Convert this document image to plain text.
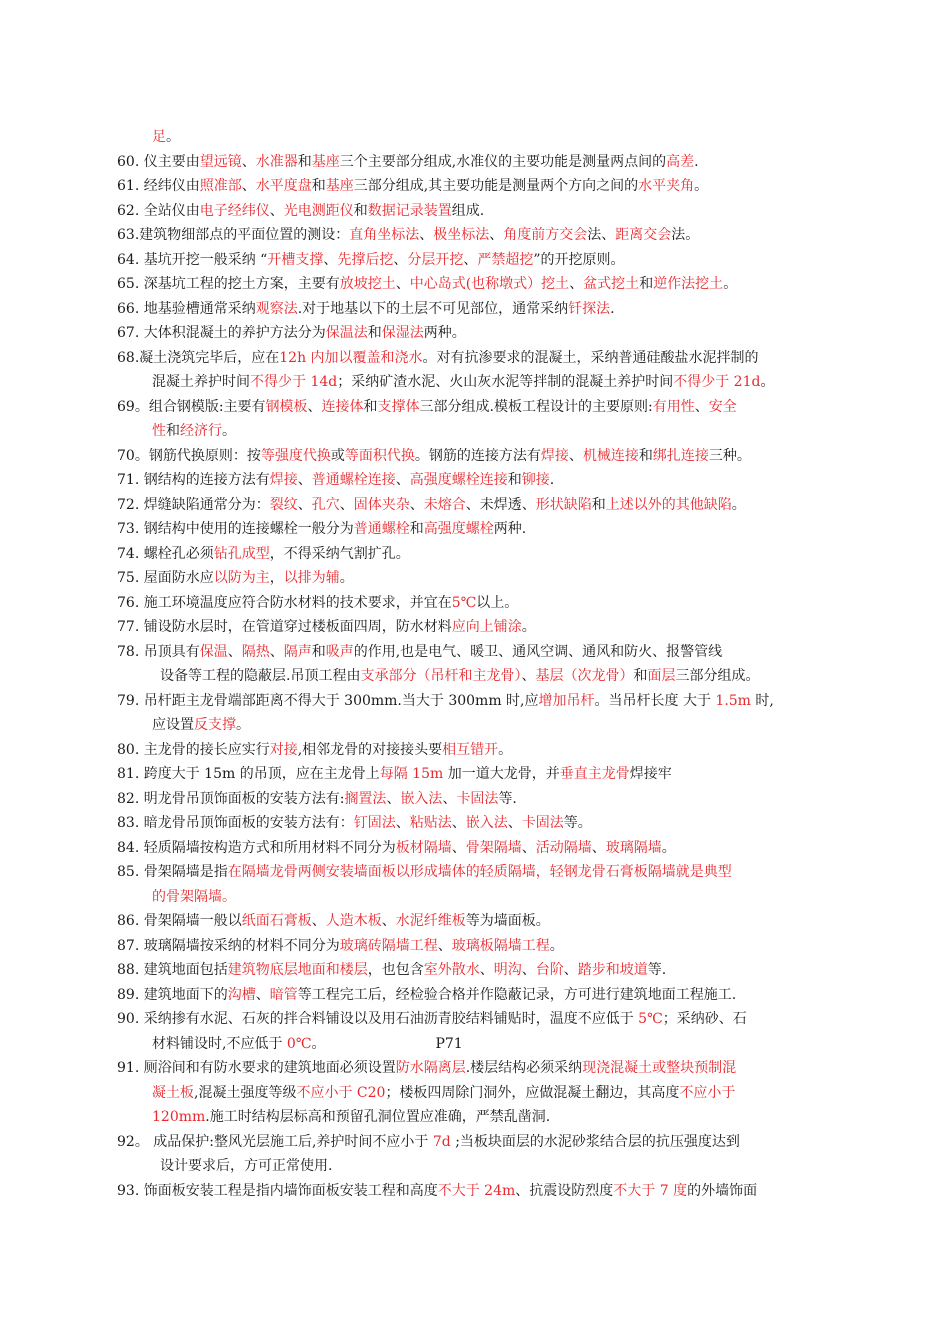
足。
60. 仪主要由望远镜、水准器和基座三个主要部分组成,水准仪的主要功能是测量两点间的高差.
61. 经纬仪由照准部、水平度盘和基座三部分组成,其主要功能是测量两个方向之间的水平夹角。
62. 全站仪由电子经纬仪、光电测距仪和数据记录装置组成.
63.建筑物细部点的平面位置的测设：直角坐标法、极坐标法、角度前方交会法、距离交会法。
64. 基坑开挖一般采纳 “开槽支撑、先撑后挖、分层开挖、严禁超挖”的开挖原则。
65. 深基坑工程的挖土方案，主要有放坡挖土、中心岛式(也称墩式）挖土、盆式挖土和逆作法挖土。
66. 地基验槽通常采纳观察法.对于地基以下的土层不可见部位，通常采纳钎探法.
67. 大体积混凝土的养护方法分为保温法和保湿法两种。
68.凝土浇筑完毕后，应在12h 内加以覆盖和浇水。对有抗渗要求的混凝土，采纳普通硅酸盐水泥拌制的
混凝土养护时间不得少于 14d；采纳矿渣水泥、火山灰水泥等拌制的混凝土养护时间不得少于 21d。
69。组合钢模版:主要有钢模板、连接体和支撑体三部分组成.模板工程设计的主要原则:有用性、安全
性和经济行。
70。钢筋代换原则：按等强度代换或等面积代换。钢筋的连接方法有焊接、机械连接和绑扎连接三种。
71. 钢结构的连接方法有焊接、普通螺栓连接、高强度螺栓连接和铆接.
72. 焊缝缺陷通常分为：裂纹、孔穴、固体夹杂、未熔合、未焊透、形状缺陷和上述以外的其他缺陷。
73. 钢结构中使用的连接螺栓一般分为普通螺栓和高强度螺栓两种.
74. 螺栓孔必须钻孔成型，不得采纳气割扩孔。
75. 屋面防水应以防为主，以排为辅。
76. 施工环境温度应符合防水材料的技术要求，并宜在5℃以上。
77. 铺设防水层时，在管道穿过楼板面四周，防水材料应向上铺涂。
78. 吊顶具有保温、隔热、隔声和吸声的作用,也是电气、暖卫、通风空调、通风和防火、报警管线
设备等工程的隐蔽层.吊顶工程由支承部分（吊杆和主龙骨）、基层（次龙骨）和面层三部分组成。
79. 吊杆距主龙骨端部距离不得大于 300mm.当大于 300mm 时,应增加吊杆。当吊杆长度 大于 1.5m 时,
应设置反支撑。
80. 主龙骨的接长应实行对接,相邻龙骨的对接接头要相互错开。
81. 跨度大于 15m 的吊顶，应在主龙骨上每隔 15m 加一道大龙骨，并垂直主龙骨焊接牢
82. 明龙骨吊顶饰面板的安装方法有:搁置法、嵌入法、卡固法等.
83. 暗龙骨吊顶饰面板的安装方法有：钉固法、粘贴法、嵌入法、卡固法等。
84. 轻质隔墙按构造方式和所用材料不同分为板材隔墙、骨架隔墙、活动隔墙、玻璃隔墙。
85. 骨架隔墙是指在隔墙龙骨两侧安装墙面板以形成墙体的轻质隔墙，轻钢龙骨石膏板隔墙就是典型
的骨架隔墙。
86. 骨架隔墙一般以纸面石膏板、人造木板、水泥纤维板等为墙面板。
87. 玻璃隔墙按采纳的材料不同分为玻璃砖隔墙工程、玻璃板隔墙工程。
88. 建筑地面包括建筑物底层地面和楼层，也包含室外散水、明沟、台阶、踏步和坡道等.
89. 建筑地面下的沟槽、暗管等工程完工后，经检验合格并作隐蔽记录，方可进行建筑地面工程施工.
90. 采纳掺有水泥、石灰的拌合料铺设以及用石油沥青胶结料铺贴时，温度不应低于 5℃；采纳砂、石
材料铺设时,不应低于 0℃。	P71
91. 厕浴间和有防水要求的建筑地面必须设置防水隔离层.楼层结构必须采纳现浇混凝土或整块预制混
凝土板,混凝土强度等级不应小于 C20；楼板四周除门洞外，应做混凝土翻边，其高度不应小于
120mm.施工时结构层标高和预留孔洞位置应准确，严禁乱凿洞.
92。 成品保护:整风光层施工后,养护时间不应小于 7d ;当板块面层的水泥砂浆结合层的抗压强度达到
设计要求后，方可正常使用.
93. 饰面板安装工程是指内墙饰面板安装工程和高度不大于 24m、抗震设防烈度不大于 7 度的外墙饰面
